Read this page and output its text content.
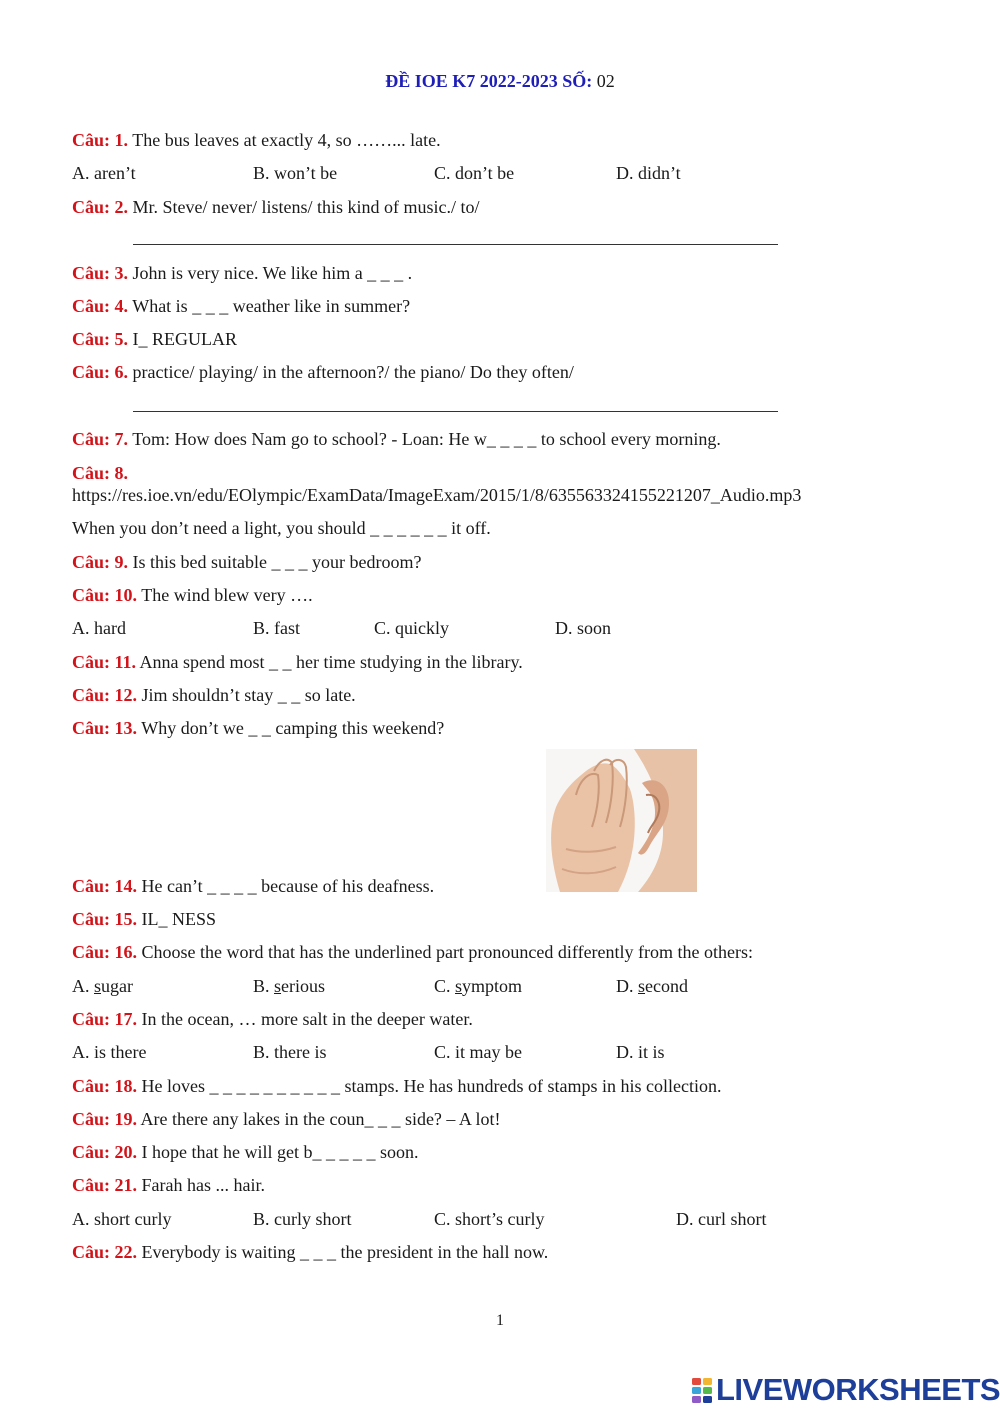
ĐỀ IOE K7 2022-2023 SỐ: 02
Câu: 1. The bus leaves at exactly 4, so ……... late.
A. aren’t	B. won’t be	C. don’t be	D. didn’t
Câu: 2. Mr. Steve/ never/ listens/ this kind of music./ to/
Câu: 3. John is very nice. We like him a _ _ _ .
Câu: 4. What is _ _ _ weather like in summer?
Câu: 5. I_ REGULAR
Câu: 6. practice/ playing/ in the afternoon?/ the piano/ Do they often/
Câu: 7. Tom: How does Nam go to school? - Loan: He w_ _ _ _ to school every morning.
Câu: 8.
https://res.ioe.vn/edu/EOlympic/ExamData/ImageExam/2015/1/8/635563324155221207_Audio.mp3
When you don’t need a light, you should _ _ _ _ _ _ it off.
Câu: 9. Is this bed suitable _ _ _ your bedroom?
Câu: 10. The wind blew very ….
A. hard	B. fast	C. quickly	D. soon
Câu: 11. Anna spend most _ _ her time studying in the library.
Câu: 12. Jim shouldn’t stay _ _ so late.
Câu: 13. Why don’t we _ _ camping this weekend?
Câu: 14. He can’t _ _ _ _ because of his deafness.
Câu: 15. IL_ NESS
Câu: 16. Choose the word that has the underlined part pronounced differently from the others:
A. sugar	B. serious	C. symptom	D. second
Câu: 17. In the ocean, … more salt in the deeper water.
A. is there	B. there is	C. it may be	D. it is
Câu: 18. He loves _ _ _ _ _ _ _ _ _ _ stamps. He has hundreds of stamps in his collection.
Câu: 19. Are there any lakes in the coun_ _ _ side? – A lot!
Câu: 20. I hope that he will get b_ _ _ _ _ soon.
Câu: 21. Farah has ... hair.
A. short curly	B. curly short	C. short’s curly	D. curl short
Câu: 22. Everybody is waiting _ _ _ the president in the hall now.
1
LIVEWORKSHEETS
